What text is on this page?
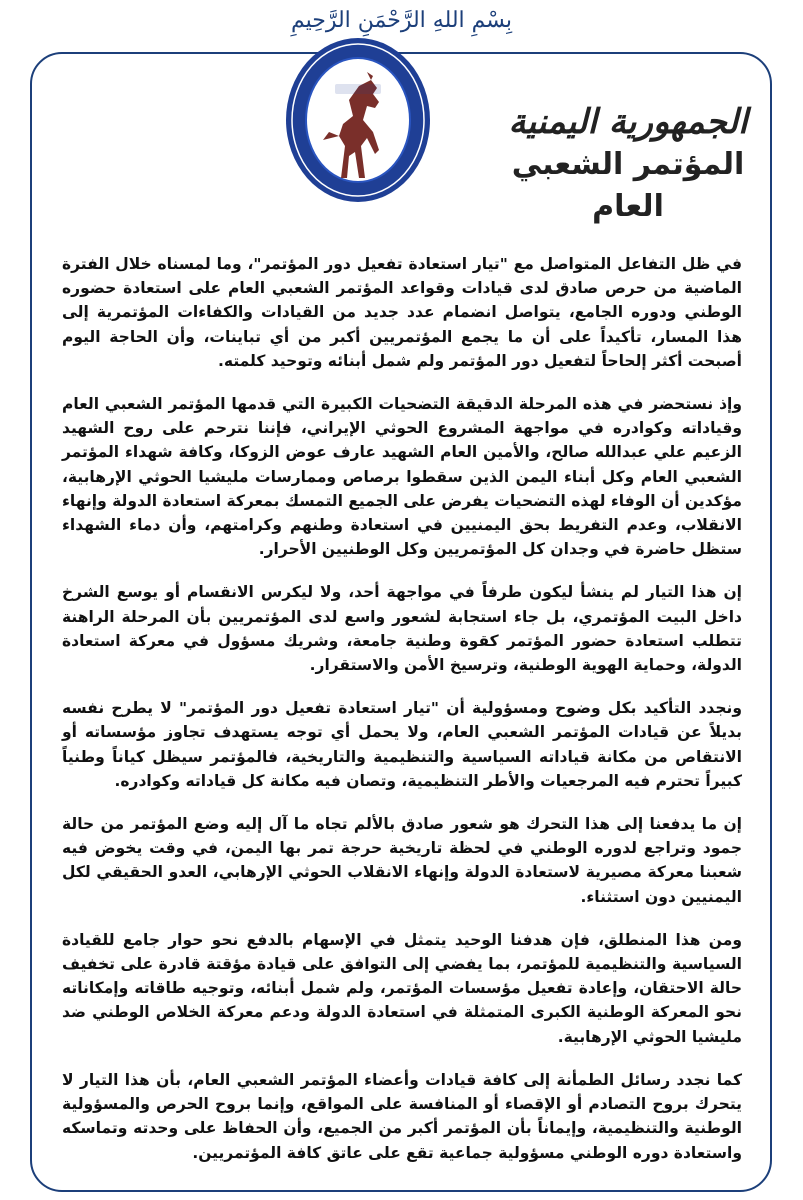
بِسْمِ اللهِ الرَّحْمَنِ الرَّحِيمِ
الجمهورية اليمنية
المؤتمر الشعبي العام

في ظل التفاعل المتواصل مع "تيار استعادة تفعيل دور المؤتمر"، وما لمسناه خلال الفترة الماضية من حرص صادق لدى قيادات وقواعد المؤتمر الشعبي العام على استعادة حضوره الوطني ودوره الجامع، يتواصل انضمام عدد جديد من القيادات والكفاءات المؤتمرية إلى هذا المسار، تأكيداً على أن ما يجمع المؤتمريين أكبر من أي تباينات، وأن الحاجة اليوم أصبحت أكثر إلحاحاً لتفعيل دور المؤتمر ولم شمل أبنائه وتوحيد كلمته.

وإذ نستحضر في هذه المرحلة الدقيقة التضحيات الكبيرة التي قدمها المؤتمر الشعبي العام وقياداته وكوادره في مواجهة المشروع الحوثي الإيراني، فإننا نترحم على روح الشهيد الزعيم علي عبدالله صالح، والأمين العام الشهيد عارف عوض الزوكا، وكافة شهداء المؤتمر الشعبي العام وكل أبناء اليمن الذين سقطوا برصاص وممارسات مليشيا الحوثي الإرهابية، مؤكدين أن الوفاء لهذه التضحيات يفرض على الجميع التمسك بمعركة استعادة الدولة وإنهاء الانقلاب، وعدم التفريط بحق اليمنيين في استعادة وطنهم وكرامتهم، وأن دماء الشهداء ستظل حاضرة في وجدان كل المؤتمريين وكل الوطنيين الأحرار.

إن هذا التيار لم ينشأ ليكون طرفاً في مواجهة أحد، ولا ليكرس الانقسام أو يوسع الشرخ داخل البيت المؤتمري، بل جاء استجابة لشعور واسع لدى المؤتمريين بأن المرحلة الراهنة تتطلب استعادة حضور المؤتمر كقوة وطنية جامعة، وشريك مسؤول في معركة استعادة الدولة، وحماية الهوية الوطنية، وترسيخ الأمن والاستقرار.

ونجدد التأكيد بكل وضوح ومسؤولية أن "تيار استعادة تفعيل دور المؤتمر" لا يطرح نفسه بديلاً عن قيادات المؤتمر الشعبي العام، ولا يحمل أي توجه يستهدف تجاوز مؤسساته أو الانتقاص من مكانة قياداته السياسية والتنظيمية والتاريخية، فالمؤتمر سيظل كياناً وطنياً كبيراً تحترم فيه المرجعيات والأطر التنظيمية، وتصان فيه مكانة كل قياداته وكوادره.

إن ما يدفعنا إلى هذا التحرك هو شعور صادق بالألم تجاه ما آل إليه وضع المؤتمر من حالة جمود وتراجع لدوره الوطني في لحظة تاريخية حرجة تمر بها اليمن، في وقت يخوض فيه شعبنا معركة مصيرية لاستعادة الدولة وإنهاء الانقلاب الحوثي الإرهابي، العدو الحقيقي لكل اليمنيين دون استثناء.

ومن هذا المنطلق، فإن هدفنا الوحيد يتمثل في الإسهام بالدفع نحو حوار جامع للقيادة السياسية والتنظيمية للمؤتمر، بما يفضي إلى التوافق على قيادة مؤقتة قادرة على تخفيف حالة الاحتقان، وإعادة تفعيل مؤسسات المؤتمر، ولم شمل أبنائه، وتوجيه طاقاته وإمكاناته نحو المعركة الوطنية الكبرى المتمثلة في استعادة الدولة ودعم معركة الخلاص الوطني ضد مليشيا الحوثي الإرهابية.

كما نجدد رسائل الطمأنة إلى كافة قيادات وأعضاء المؤتمر الشعبي العام، بأن هذا التيار لا يتحرك بروح التصادم أو الإقصاء أو المنافسة على المواقع، وإنما بروح الحرص والمسؤولية الوطنية والتنظيمية، وإيماناً بأن المؤتمر أكبر من الجميع، وأن الحفاظ على وحدته وتماسكه واستعادة دوره الوطني مسؤولية جماعية تقع على عاتق كافة المؤتمريين.
